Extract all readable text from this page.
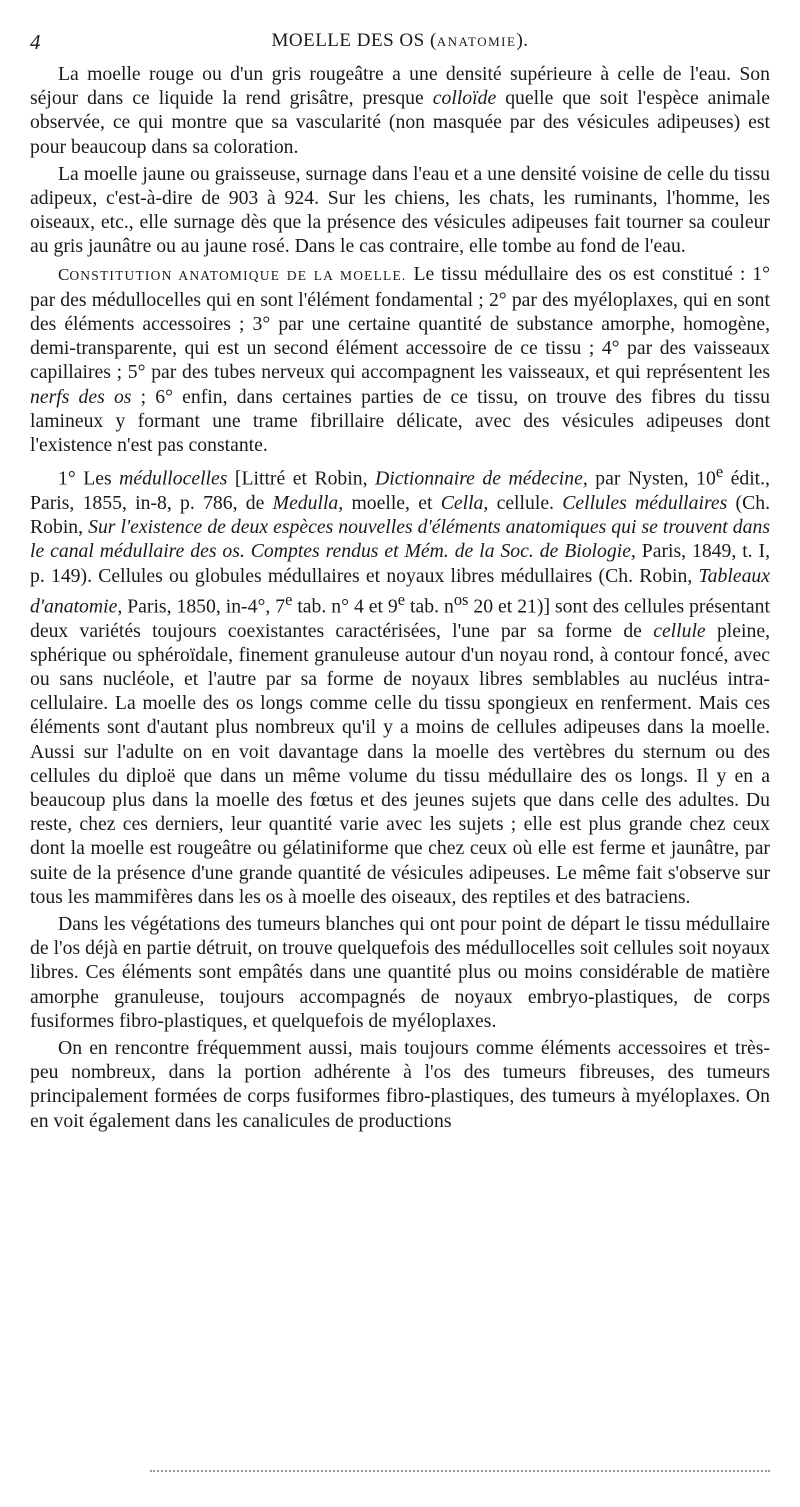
4	MOELLE DES OS (ANATOMIE).

La moelle rouge ou d'un gris rougeâtre a une densité supérieure à celle de l'eau. Son séjour dans ce liquide la rend grisâtre, presque colloïde quelle que soit l'espèce animale observée, ce qui montre que sa vascularité (non masquée par des vésicules adipeuses) est pour beaucoup dans sa coloration.

La moelle jaune ou graisseuse, surnage dans l'eau et a une densité voisine de celle du tissu adipeux, c'est-à-dire de 903 à 924. Sur les chiens, les chats, les ruminants, l'homme, les oiseaux, etc., elle surnage dès que la présence des vésicules adipeuses fait tourner sa couleur au gris jaunâtre ou au jaune rosé. Dans le cas contraire, elle tombe au fond de l'eau.

CONSTITUTION ANATOMIQUE DE LA MOELLE. Le tissu médullaire des os est constitué : 1° par des médullocelles qui en sont l'élément fondamental ; 2° par des myéloplaxes, qui en sont des éléments accessoires ; 3° par une certaine quantité de substance amorphe, homogène, demi-transparente, qui est un second élément accessoire de ce tissu ; 4° par des vaisseaux capillaires ; 5° par des tubes nerveux qui accompagnent les vaisseaux, et qui représentent les nerfs des os ; 6° enfin, dans certaines parties de ce tissu, on trouve des fibres du tissu lamineux y formant une trame fibrillaire délicate, avec des vésicules adipeuses dont l'existence n'est pas constante.

1° Les médullocelles [Littré et Robin, Dictionnaire de médecine, par Nysten, 10e édit., Paris, 1855, in-8, p. 786, de Medulla, moelle, et Cella, cellule. Cellules médullaires (Ch. Robin, Sur l'existence de deux espèces nouvelles d'éléments anatomiques qui se trouvent dans le canal médullaire des os. Comptes rendus et Mém. de la Soc. de Biologie, Paris, 1849, t. I, p. 149). Cellules ou globules médullaires et noyaux libres médullaires (Ch. Robin, Tableaux d'anatomie, Paris, 1850, in-4°, 7e tab. n° 4 et 9e tab. $n^{os}$ 20 et 21)] sont des cellules présentant deux variétés toujours coexistantes caractérisées, l'une par sa forme de cellule pleine, sphérique ou sphéroïdale, finement granuleuse autour d'un noyau rond, à contour foncé, avec ou sans nucléole, et l'autre par sa forme de noyaux libres semblables au nucléus intra-cellulaire. La moelle des os longs comme celle du tissu spongieux en renferment. Mais ces éléments sont d'autant plus nombreux qu'il y a moins de cellules adipeuses dans la moelle. Aussi sur l'adulte on en voit davantage dans la moelle des vertèbres du sternum ou des cellules du diploë que dans un même volume du tissu médullaire des os longs. Il y en a beaucoup plus dans la moelle des fœtus et des jeunes sujets que dans celle des adultes. Du reste, chez ces derniers, leur quantité varie avec les sujets ; elle est plus grande chez ceux dont la moelle est rougeâtre ou gélatiniforme que chez ceux où elle est ferme et jaunâtre, par suite de la présence d'une grande quantité de vésicules adipeuses. Le même fait s'observe sur tous les mammifères dans les os à moelle des oiseaux, des reptiles et des batraciens.

Dans les végétations des tumeurs blanches qui ont pour point de départ le tissu médullaire de l'os déjà en partie détruit, on trouve quelquefois des médullocelles soit cellules soit noyaux libres. Ces éléments sont empâtés dans une quantité plus ou moins considérable de matière amorphe granuleuse, toujours accompagnés de noyaux embryo-plastiques, de corps fusiformes fibro-plastiques, et quelquefois de myéloplaxes.

On en rencontre fréquemment aussi, mais toujours comme éléments accessoires et très-peu nombreux, dans la portion adhérente à l'os des tumeurs fibreuses, des tumeurs principalement formées de corps fusiformes fibro-plastiques, des tumeurs à myéloplaxes. On en voit également dans les canalicules de productions
